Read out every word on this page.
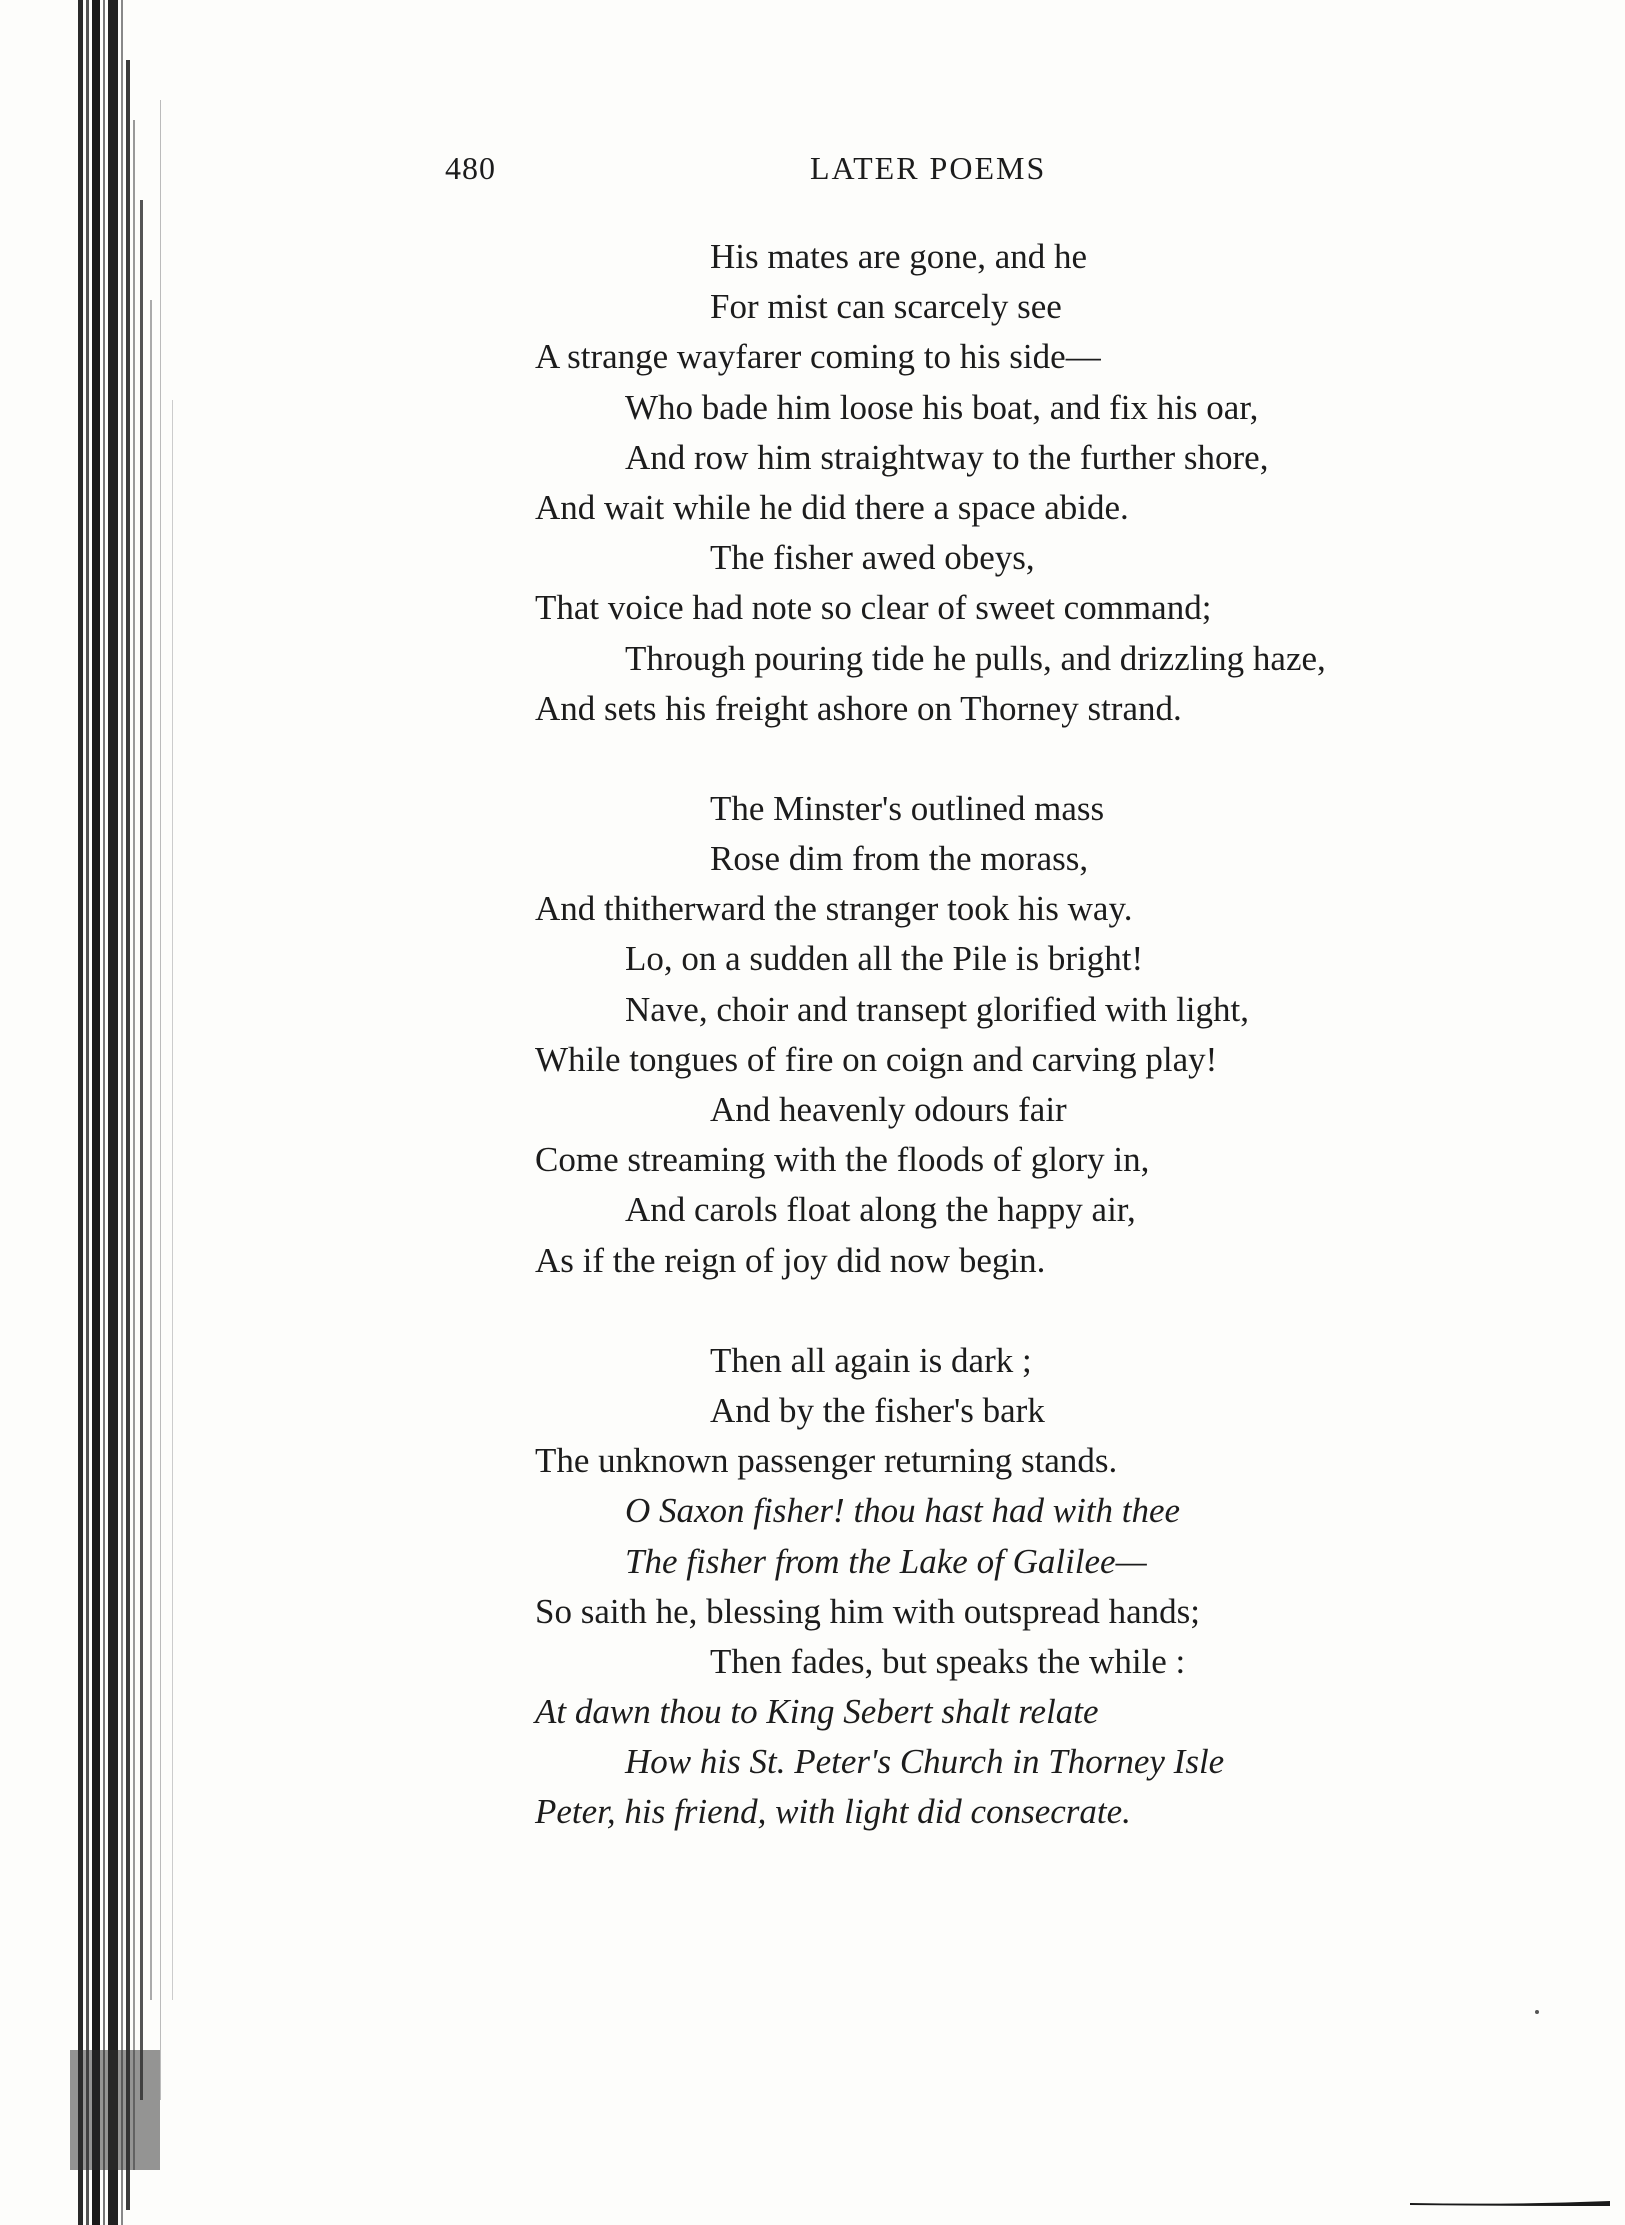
480	LATER POEMS
His mates are gone, and he
For mist can scarcely see
A strange wayfarer coming to his side—
Who bade him loose his boat, and fix his oar,
And row him straightway to the further shore,
And wait while he did there a space abide.
The fisher awed obeys,
That voice had note so clear of sweet command;
Through pouring tide he pulls, and drizzling haze,
And sets his freight ashore on Thorney strand.
The Minster's outlined mass
Rose dim from the morass,
And thitherward the stranger took his way.
Lo, on a sudden all the Pile is bright!
Nave, choir and transept glorified with light,
While tongues of fire on coign and carving play!
And heavenly odours fair
Come streaming with the floods of glory in,
And carols float along the happy air,
As if the reign of joy did now begin.
Then all again is dark ;
And by the fisher's bark
The unknown passenger returning stands.
O Saxon fisher! thou hast had with thee
The fisher from the Lake of Galilee—
So saith he, blessing him with outspread hands;
Then fades, but speaks the while :
At dawn thou to King Sebert shalt relate
How his St. Peter's Church in Thorney Isle
Peter, his friend, with light did consecrate.
